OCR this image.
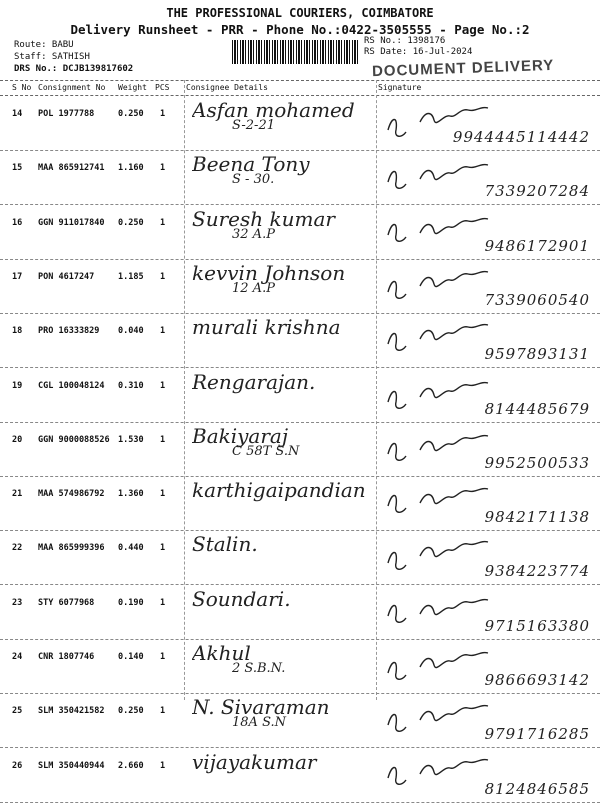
THE PROFESSIONAL COURIERS, COIMBATORE
Delivery Runsheet - PRR - Phone No.:0422-3505555 - Page No.:2
Route: BABU
Staff: SATHISH
DRS No.: DCJB139817602
RS No.: 1398176
RS Date: 16-Jul-2024
DOCUMENT DELIVERY
S No Consignment No Weight PCS Consignee Details	Signature
14 POL 1977788	0.250 1 Asfan mohamed
S-2-21
9944445114442
15 MAA 865912741 1.160 1 Beena Tony
S - 30.
7339207284
16 GGN 911017840 0.250 1 Suresh kumar
32 A.P
9486172901
17 PON 4617247	1.185 1 kevvin Johnson
12 A.P
7339060540
18 PRO 16333829 0.040 1 murali krishna
9597893131
19 CGL 100048124 0.310 1 Rengarajan.
8144485679
20 GGN 9000088526 1.530 1 Bakiyaraj
C 58T S.N
9952500533
21 MAA 574986792 1.360 1 karthigaipandian
9842171138
22 MAA 865999396 0.440 1 Stalin.
9384223774
23 STY 6077968	0.190 1 Soundari.
9715163380
24 CNR 1807746	0.140 1 Akhul
2 S.B.N.
9866693142
25 SLM 350421582 0.250 1 N. Sivaraman
18A S.N
9791716285
26 SLM 350440944 2.660 1 vijayakumar
8124846585
